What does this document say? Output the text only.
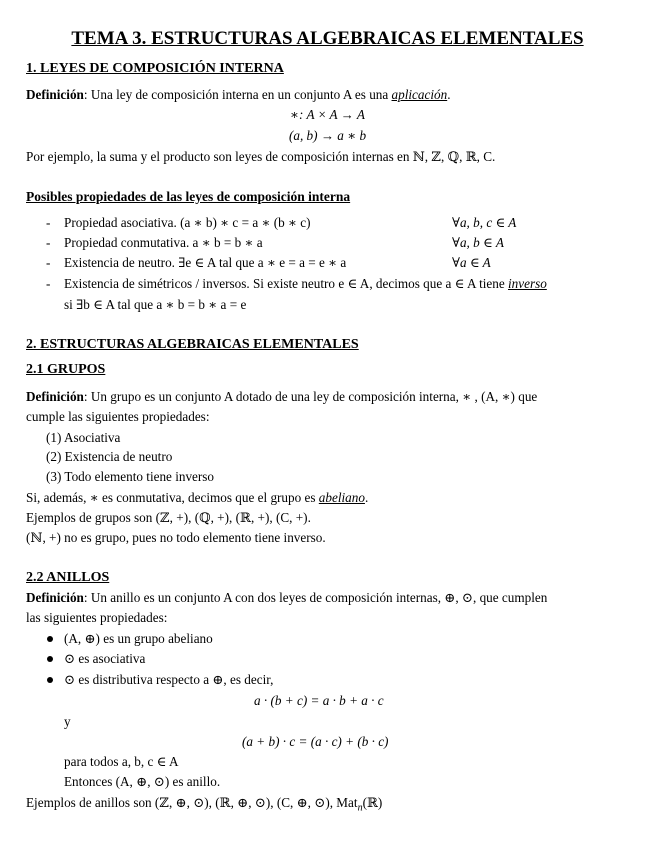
TEMA 3. ESTRUCTURAS ALGEBRAICAS ELEMENTALES
1. LEYES DE COMPOSICIÓN INTERNA
Definición: Una ley de composición interna en un conjunto A es una aplicación.
∗: A × A → A
(a, b) → a ∗ b
Por ejemplo, la suma y el producto son leyes de composición internas en ℕ, ℤ, ℚ, ℝ, C.
Posibles propiedades de las leyes de composición interna
- Propiedad asociativa. (a ∗ b) ∗ c = a ∗ (b ∗ c)	∀a, b, c ∈ A
- Propiedad conmutativa. a ∗ b = b ∗ a	∀a, b ∈ A
- Existencia de neutro. ∃e ∈ A tal que a ∗ e = a = e ∗ a	∀a ∈ A
- Existencia de simétricos / inversos. Si existe neutro e ∈ A, decimos que a ∈ A tiene inverso
si ∃b ∈ A tal que a ∗ b = b ∗ a = e
2. ESTRUCTURAS ALGEBRAICAS ELEMENTALES
2.1 GRUPOS
Definición: Un grupo es un conjunto A dotado de una ley de composición interna, ∗ , (A, ∗) que
cumple las siguientes propiedades:
(1) Asociativa
(2) Existencia de neutro
(3) Todo elemento tiene inverso
Si, además, ∗ es conmutativa, decimos que el grupo es abeliano.
Ejemplos de grupos son (ℤ, +), (ℚ, +), (ℝ, +), (C, +).
(ℕ, +) no es grupo, pues no todo elemento tiene inverso.
2.2 ANILLOS
Definición: Un anillo es un conjunto A con dos leyes de composición internas, ⊕, ⊙, que cumplen
las siguientes propiedades:
(A, ⊕) es un grupo abeliano
⊙ es asociativa
⊙ es distributiva respecto a ⊕, es decir,
a · (b + c) = a · b + a · c
y
(a + b) · c = (a · c) + (b · c)
para todos a, b, c ∈ A
Entonces (A, ⊕, ⊙) es anillo.
Ejemplos de anillos son (ℤ, ⊕, ⊙), (ℝ, ⊕, ⊙), (C, ⊕, ⊙), Mat$_n$(ℝ)
